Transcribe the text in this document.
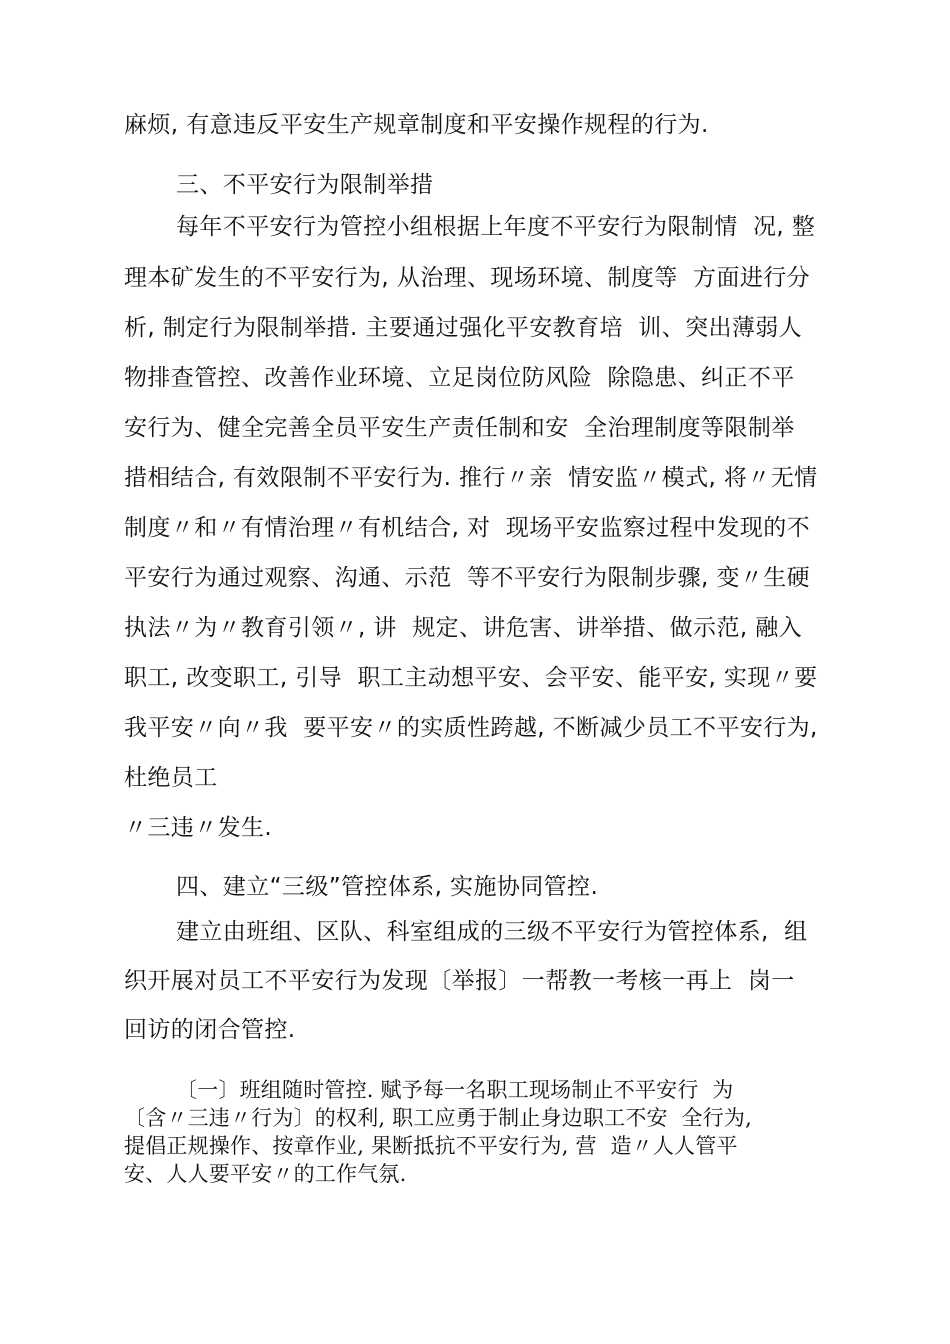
麻烦, 有意违反平安生产规章制度和平安操作规程的行为.
三、不平安行为限制举措
每年不平安行为管控小组根据上年度不平安行为限制情  况, 整
理本矿发生的不平安行为, 从治理、现场环境、制度等  方面进行分
析, 制定行为限制举措. 主要通过强化平安教育培  训、突出薄弱人
物排查管控、改善作业环境、立足岗位防风险  除隐患、纠正不平
安行为、健全完善全员平安生产责任制和安  全治理制度等限制举
措相结合, 有效限制不平安行为. 推行〃亲  情安监〃模式, 将〃无情
制度〃和〃有情治理〃有机结合, 对  现场平安监察过程中发现的不
平安行为通过观察、沟通、示范  等不平安行为限制步骤, 变〃生硬
执法〃为〃教育引领〃, 讲  规定、讲危害、讲举措、做示范, 融入
职工, 改变职工, 引导  职工主动想平安、会平安、能平安, 实现〃要
我平安〃向〃我  要平安〃的实质性跨越, 不断减少员工不平安行为,
杜绝员工
〃三违〃发生.
四、建立“三级”管控体系, 实施协同管控.
建立由班组、区队、科室组成的三级不平安行为管控体系,  组
织开展对员工不平安行为发现〔举报〕一帮教一考核一再上  岗一
回访的闭合管控.
〔一〕班组随时管控. 赋予每一名职工现场制止不平安行  为
〔含〃三违〃行为〕的权利, 职工应勇于制止身边职工不安  全行为,
提倡正规操作、按章作业, 果断抵抗不平安行为, 营  造〃人人管平
安、人人要平安〃的工作气氛.
